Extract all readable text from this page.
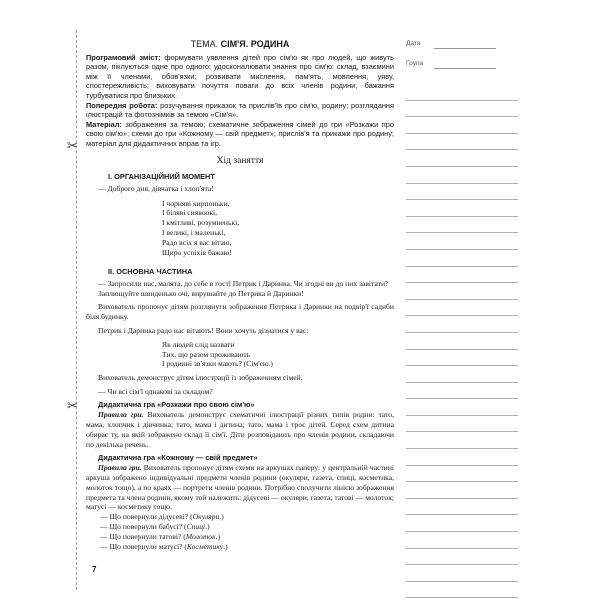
✂
✂
ТЕМА. СІМ'Я. РОДИНА

Програмовий зміст: формувати уявлення дітей про сім'ю як про людей, що живуть разом, піклуються одне про одного; удосконалювати знання про сім'ю: склад, взаємини між її членами, обов'язки; розвивати мислення, пам'ять, мовлення, уяву, спостережливість; виховувати почуття поваги до всіх членів родини, бажання турбуватися про близьких.

Попередня робота: розучування приказок та прислів'їв про сім'ю, родину; розглядання ілюстрацій та фотознімків за темою «Сім'я».

Матеріал: зображення за темою; схематичне зображення сімей до гри «Розкажи про свою сім'ю»; схеми до гри «Кожному — свій предмет»; прислів'я та прикажи про родину; матеріал для дидактичних вправ та ігр.

Хід заняття
І. ОРГАНІЗАЦІЙНИЙ МОМЕНТ
— Доброго дня, дівчатка і хлоп'ята!
І чорняві кирпоньки,
І біляві сиявоокі,
І кмітливі, розумненькі,
І великі, і маленькі,
Радо всіх я вас вітаю,
Щиро успіхів бажаю!
II. ОСНОВНА ЧАСТИНА
— Запросили нас, малята, до себе в гості Петрик і Даринка. Чи згодні ви до них завітати?
Заплющуйте швиденько очі, вирушайте до Петрика й Даринки!
Вихователь пропонує дітям розглянути зображення Петрика і Даринки на подвір'ї садиби біля будинку.
Петрик і Даринка радо нас вітають! Вони хочуть дізнатися у вас:
Як людей слід назвати
Тих, що разом проживають
І родинні зв'язки мають? (Сім'єю.)
Вихователь демонструє дітям ілюстрації із зображенням сімей.
— Чи всі сім'ї однакові за складом?
Дидактична гра «Розкажи про свою сім'ю»
Правила гри. Вихователь демонструє схематичні ілюстрації різних типів родин: тато, мама, хлопчик і дівчинка; тато, мама і дитина; тато, мама і троє дітей. Серед схем дитина обирає ту, на якій зображено склад її сім'ї. Діти розповідають про членів родини, складаючи по декілька речень.
Дидактична гра «Кожному — свій предмет»
Правила гри. Вихователь пропонує дітям схеми на аркушах паперу: у центральній частині аркуша зображено індивідуальні предмети членів родини (окуляри, газета, спиці, косметика, молоток тощо), а по краях — портрети членів родини. Потрібно сполучити лінією зображення предмета та члена родини, якому той належить: дідусеві — окуляри, газета; татові — молоток; матусі — косметику тощо.
— Що повернули дідусеві? (Окуляри.)
— Що повернули бабусі? (Спиці.)
— Що повернули татові? (Молоток.)
— Що повернули матусі? (Косметику.)
7
Дата
Група
